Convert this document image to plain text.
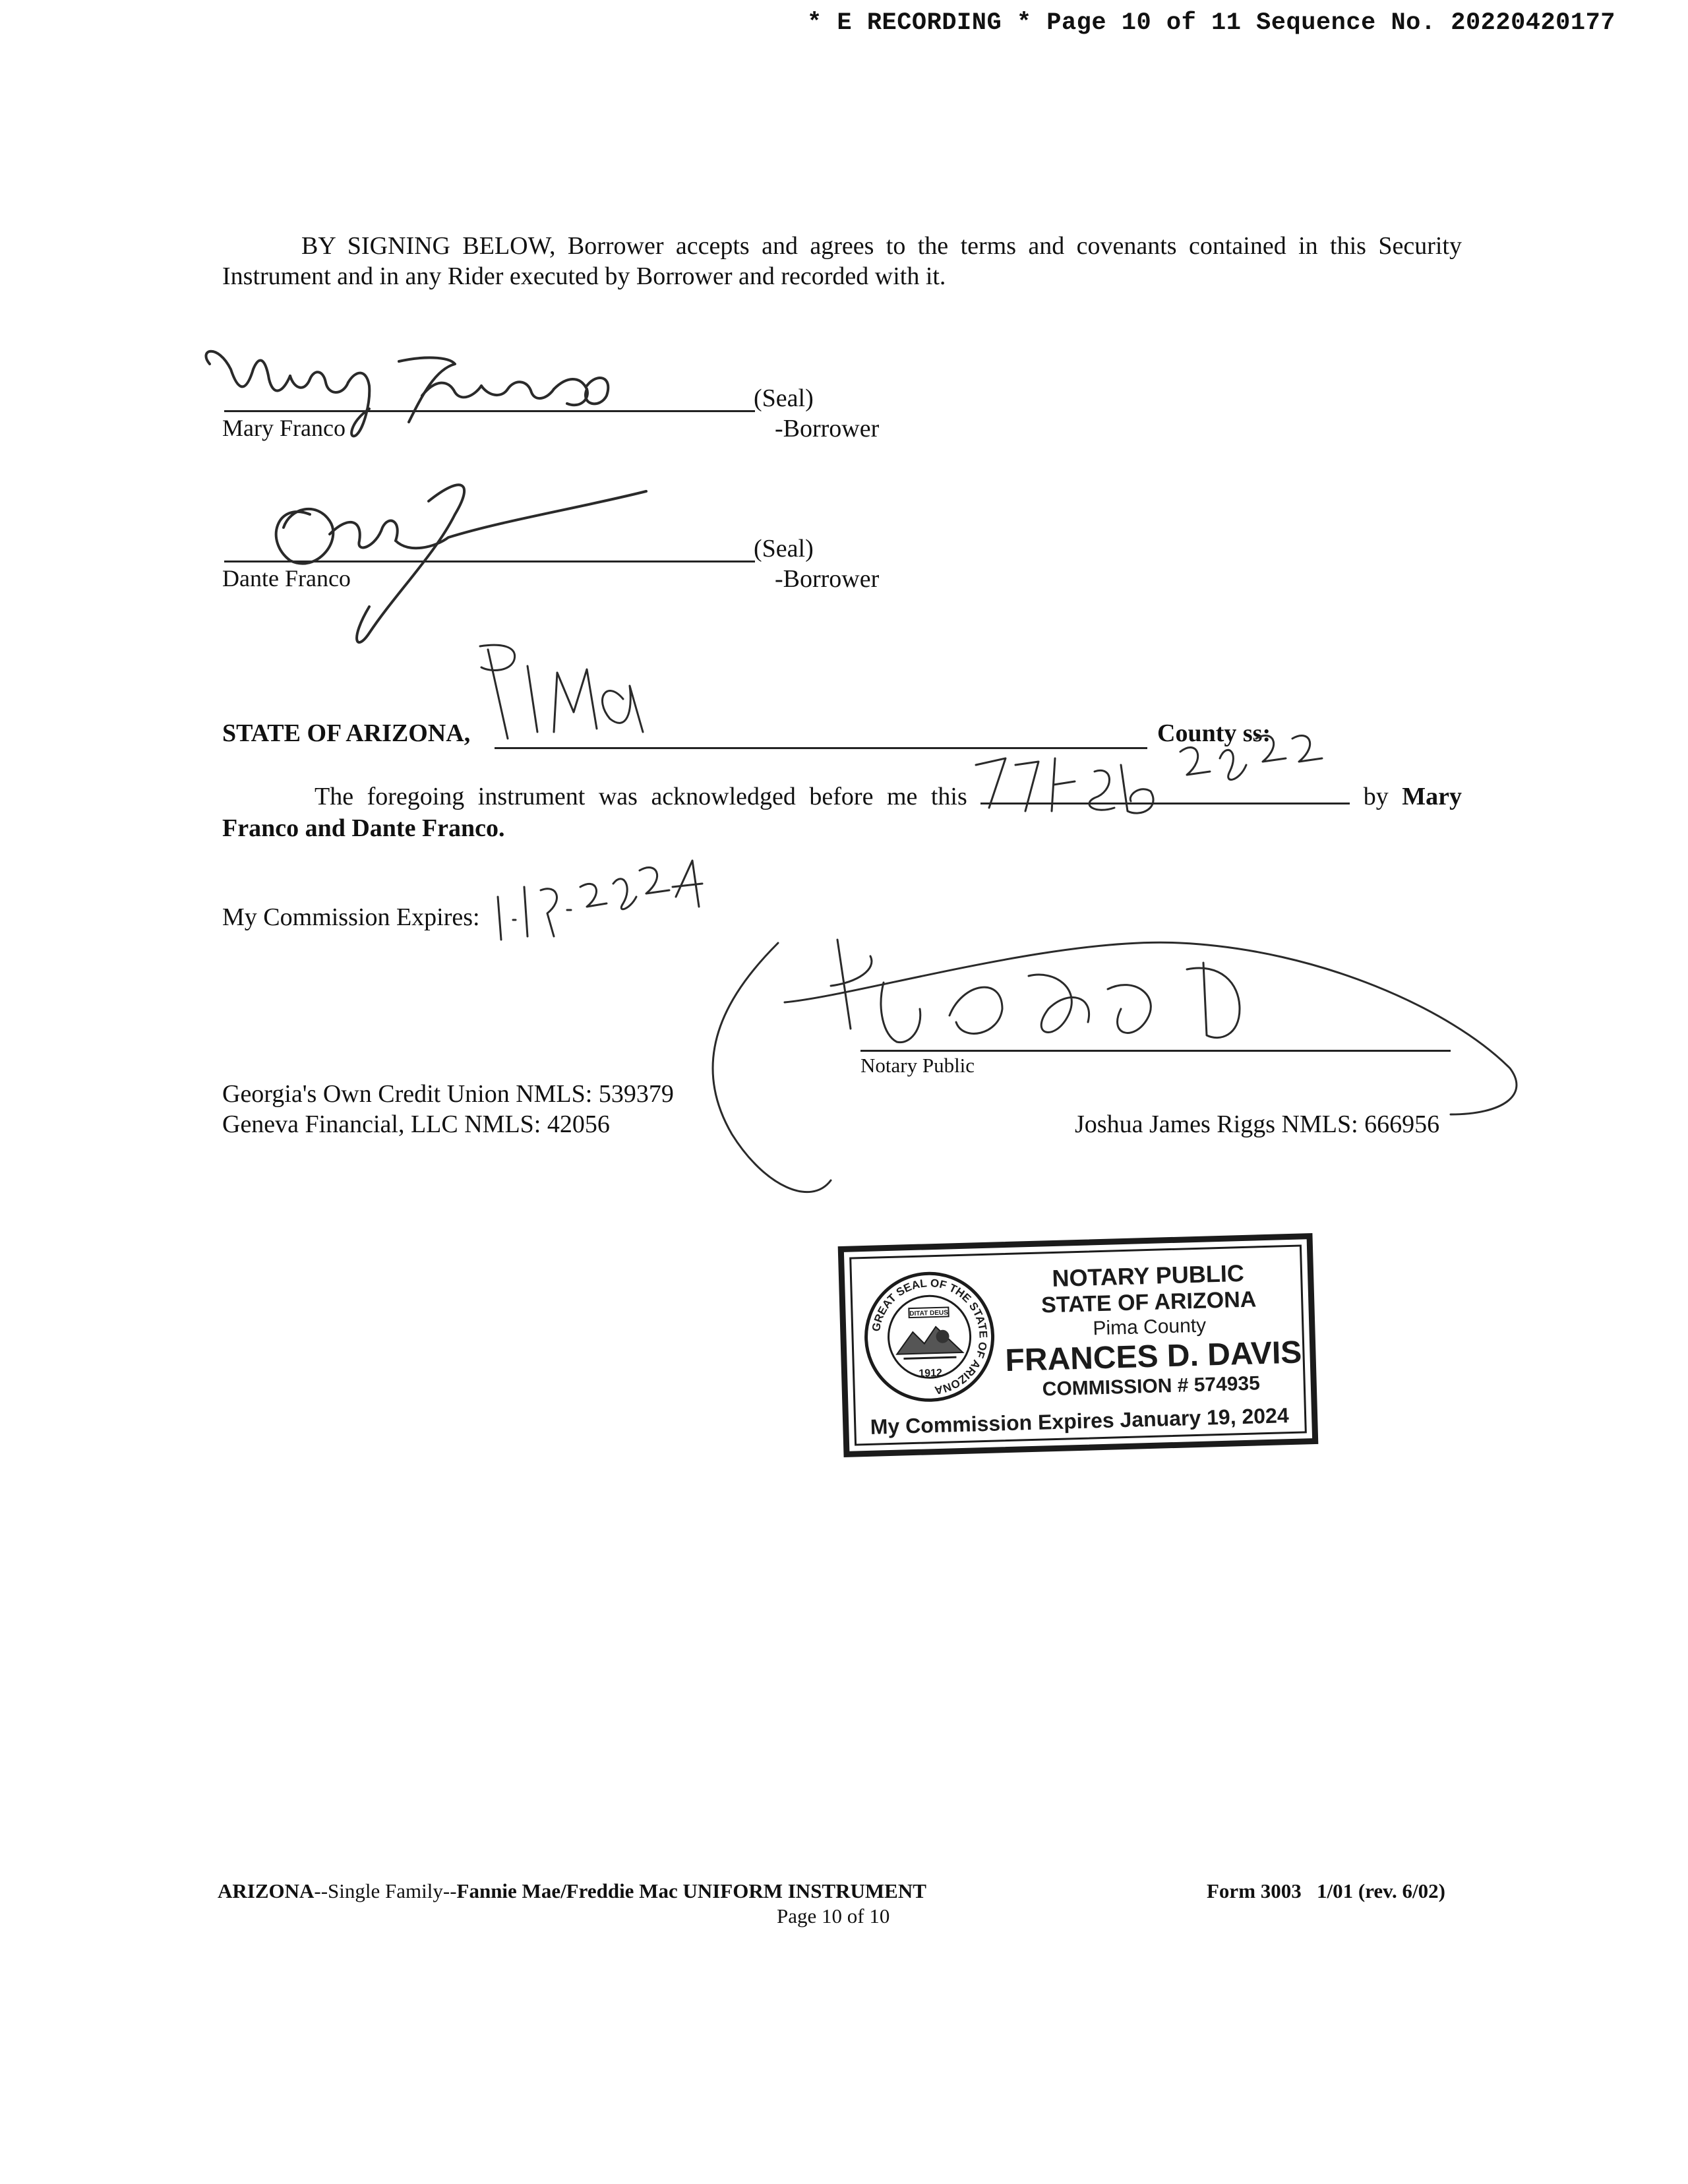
* E RECORDING * Page 10 of 11 Sequence No. 20220420177
BY SIGNING BELOW, Borrower accepts and agrees to the terms and covenants contained in this Security Instrument and in any Rider executed by Borrower and recorded with it.
(Seal)
Mary Franco	-Borrower
(Seal)
Dante Franco	-Borrower
STATE OF ARIZONA,	County ss:
The foregoing instrument was acknowledged before me this	by Mary Franco and Dante Franco.
My Commission Expires:
Notary Public
Georgia's Own Credit Union NMLS: 539379
Geneva Financial, LLC NMLS: 42056	Joshua James Riggs NMLS: 666956
GREAT SEAL OF THE STATE OF ARIZONA
DITAT DEUS
1912
NOTARY PUBLIC
STATE OF ARIZONA
Pima County
FRANCES D. DAVIS
COMMISSION # 574935
My Commission Expires January 19, 2024
ARIZONA--Single Family--Fannie Mae/Freddie Mac UNIFORM INSTRUMENT
Page 10 of 10
Form 3003   1/01 (rev. 6/02)
